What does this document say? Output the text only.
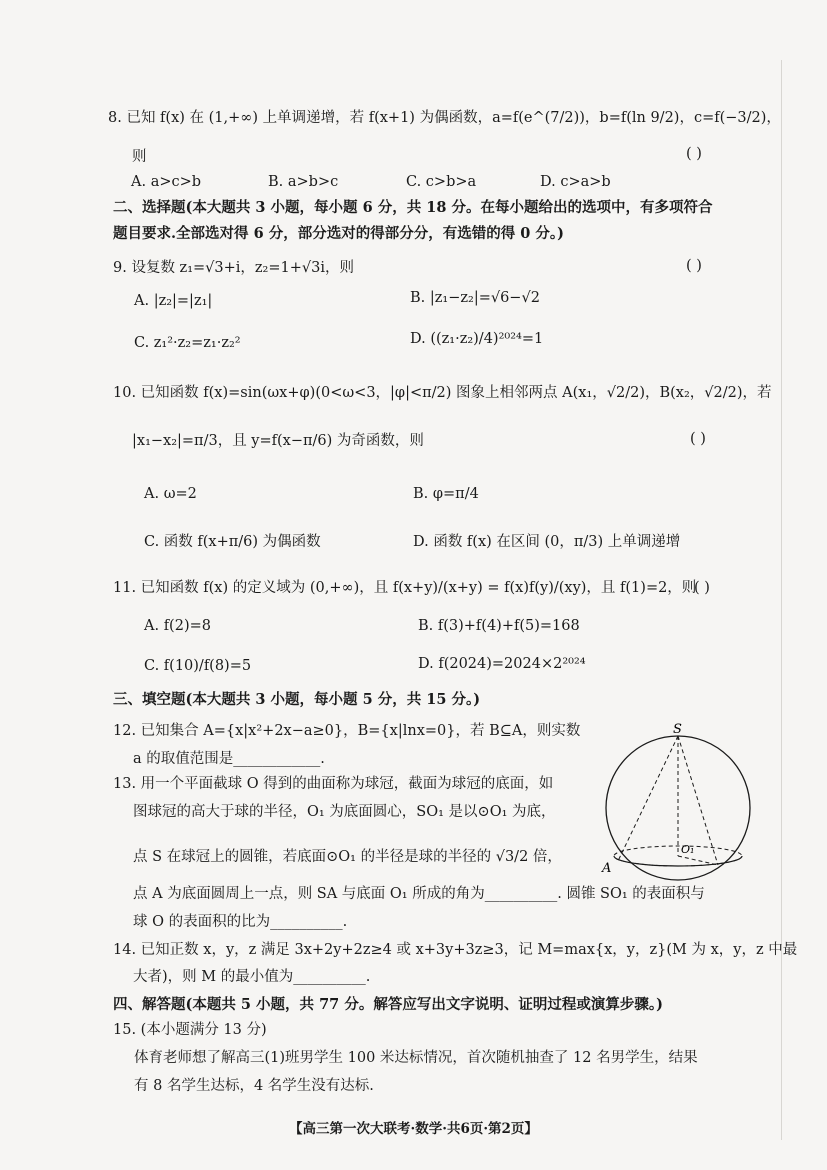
8. 已知 f(x) 在 (1,+∞) 上单调递增，若 f(x+1) 为偶函数，a=f(e^(7/2))，b=f(ln 9/2)，c=f(−3/2)，
则	( )
A. a>c>b	B. a>b>c	C. c>b>a	D. c>a>b
二、选择题(本大题共 3 小题，每小题 6 分，共 18 分。在每小题给出的选项中，有多项符合
题目要求.全部选对得 6 分，部分选对的得部分分，有选错的得 0 分。)
9. 设复数 z₁=√3+i，z₂=1+√3i，则	( )
A. |z₂|=|z₁|	B. |z₁−z₂|=√6−√2
C. z₁²·z₂=z₁·z₂²	D. ((z₁·z₂)/4)²⁰²⁴=1
10. 已知函数 f(x)=sin(ωx+φ)(0<ω<3，|φ|<π/2) 图象上相邻两点 A(x₁，√2/2)，B(x₂，√2/2)，若
|x₁−x₂|=π/3，且 y=f(x−π/6) 为奇函数，则	( )
A. ω=2	B. φ=π/4
C. 函数 f(x+π/6) 为偶函数	D. 函数 f(x) 在区间 (0，π/3) 上单调递增
11. 已知函数 f(x) 的定义域为 (0,+∞)，且 f(x+y)/(x+y) = f(x)f(y)/(xy)，且 f(1)=2，则
( )
A. f(2)=8	B. f(3)+f(4)+f(5)=168
C. f(10)/f(8)=5	D. f(2024)=2024×2²⁰²⁴
三、填空题(本大题共 3 小题，每小题 5 分，共 15 分。)
12. 已知集合 A={x|x²+2x−a≥0}，B={x|lnx=0}，若 B⊆A，则实数
a 的取值范围是____________.
13. 用一个平面截球 O 得到的曲面称为球冠，截面为球冠的底面，如
图球冠的高大于球的半径，O₁ 为底面圆心，SO₁ 是以⊙O₁ 为底，
点 S 在球冠上的圆锥，若底面⊙O₁ 的半径是球的半径的 √3/2 倍，
点 A 为底面圆周上一点，则 SA 与底面 O₁ 所成的角为__________. 圆锥 SO₁ 的表面积与
球 O 的表面积的比为__________.
14. 已知正数 x，y，z 满足 3x+2y+2z≥4 或 x+3y+3z≥3，记 M=max{x，y，z}(M 为 x，y，z 中最
大者)，则 M 的最小值为__________.
四、解答题(本题共 5 小题，共 77 分。解答应写出文字说明、证明过程或演算步骤。)
15. (本小题满分 13 分)
体育老师想了解高三(1)班男学生 100 米达标情况，首次随机抽查了 12 名男学生，结果
有 8 名学生达标，4 名学生没有达标.
S
A
O₁
【高三第一次大联考·数学·共6页·第2页】
